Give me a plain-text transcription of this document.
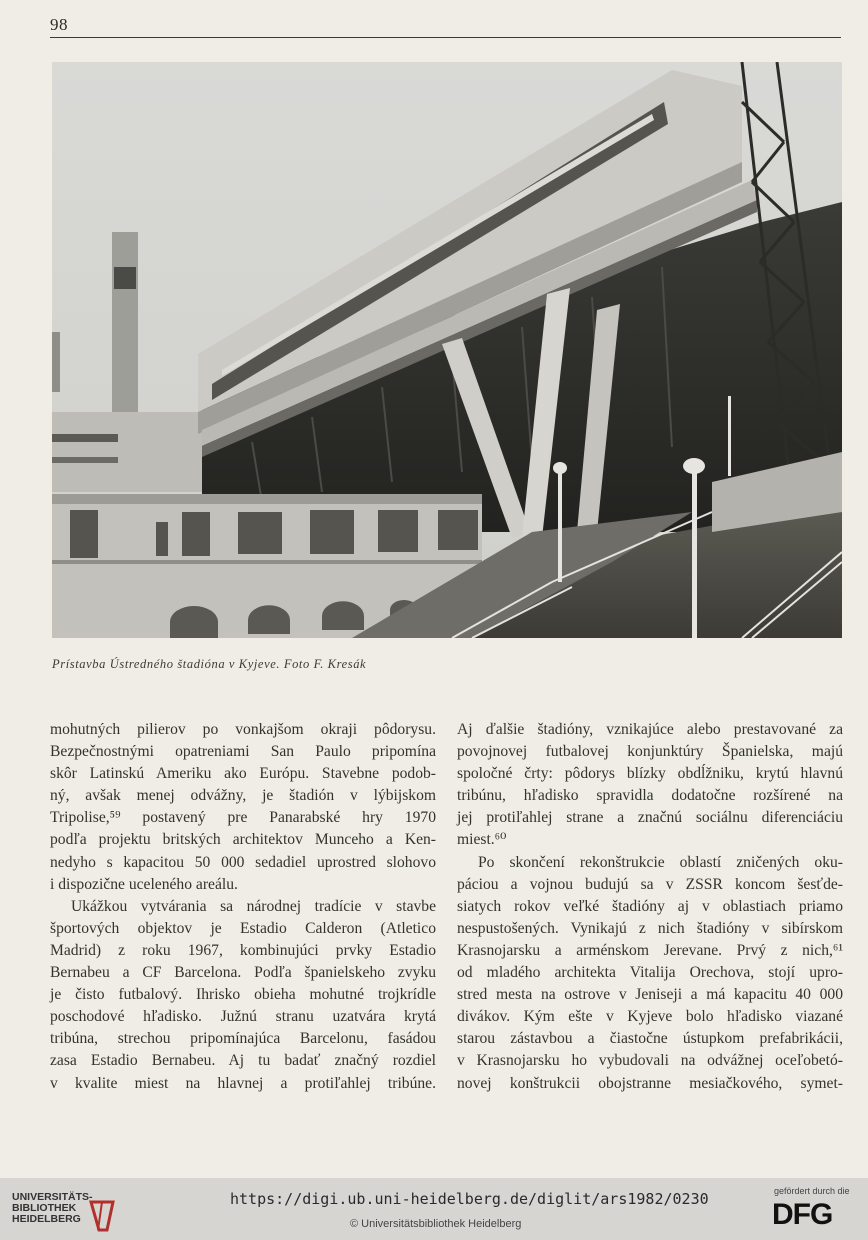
98
Prístavba Ústredného štadióna v Kyjeve. Foto F. Kresák
mohutných pilierov po vonkajšom okraji pôdorysu.
Bezpečnostnými opatreniami San Paulo pripomína
skôr Latinskú Ameriku ako Európu. Stavebne podob-
ný, avšak menej odvážny, je štadión v lýbijskom
Tripolise,⁵⁹ postavený pre Panarabské hry 1970
podľa projektu britských architektov Munceho a Ken-
nedyho s kapacitou 50 000 sedadiel uprostred slohovo
i dispozične uceleného areálu.
Ukážkou vytvárania sa národnej tradície v stavbe
športových objektov je Estadio Calderon (Atletico
Madrid) z roku 1967, kombinujúci prvky Estadio
Bernabeu a CF Barcelona. Podľa španielskeho zvyku
je čisto futbalový. Ihrisko obieha mohutné trojkrídle
poschodové hľadisko. Južnú stranu uzatvára krytá
tribúna, strechou pripomínajúca Barcelonu, fasádou
zasa Estadio Bernabeu. Aj tu badať značný rozdiel
v kvalite miest na hlavnej a protiľahlej tribúne.
Aj ďalšie štadióny, vznikajúce alebo prestavované za
povojnovej futbalovej konjunktúry Španielska, majú
spoločné črty: pôdorys blízky obdĺžniku, krytú hlavnú
tribúnu, hľadisko spravidla dodatočne rozšírené na
jej protiľahlej strane a značnú sociálnu diferenciáciu
miest.⁶⁰
Po skončení rekonštrukcie oblastí zničených oku-
páciou a vojnou budujú sa v ZSSR koncom šesťde-
siatych rokov veľké štadióny aj v oblastiach priamo
nespustošených. Vynikajú z nich štadióny v sibírskom
Krasnojarsku a arménskom Jerevane. Prvý z nich,⁶¹
od mladého architekta Vitalija Orechova, stojí upro-
stred mesta na ostrove v Jeniseji a má kapacitu 40 000
divákov. Kým ešte v Kyjeve bolo hľadisko viazané
starou zástavbou a čiastočne ústupkom prefabrikácii,
v Krasnojarsku ho vybudovali na odvážnej oceľobetó-
novej konštrukcii obojstranne mesiačkového, symet-
UNIVERSITÄTS-
BIBLIOTHEK
HEIDELBERG
https://digi.ub.uni-heidelberg.de/diglit/ars1982/0230
© Universitätsbibliothek Heidelberg
gefördert durch die
DFG
